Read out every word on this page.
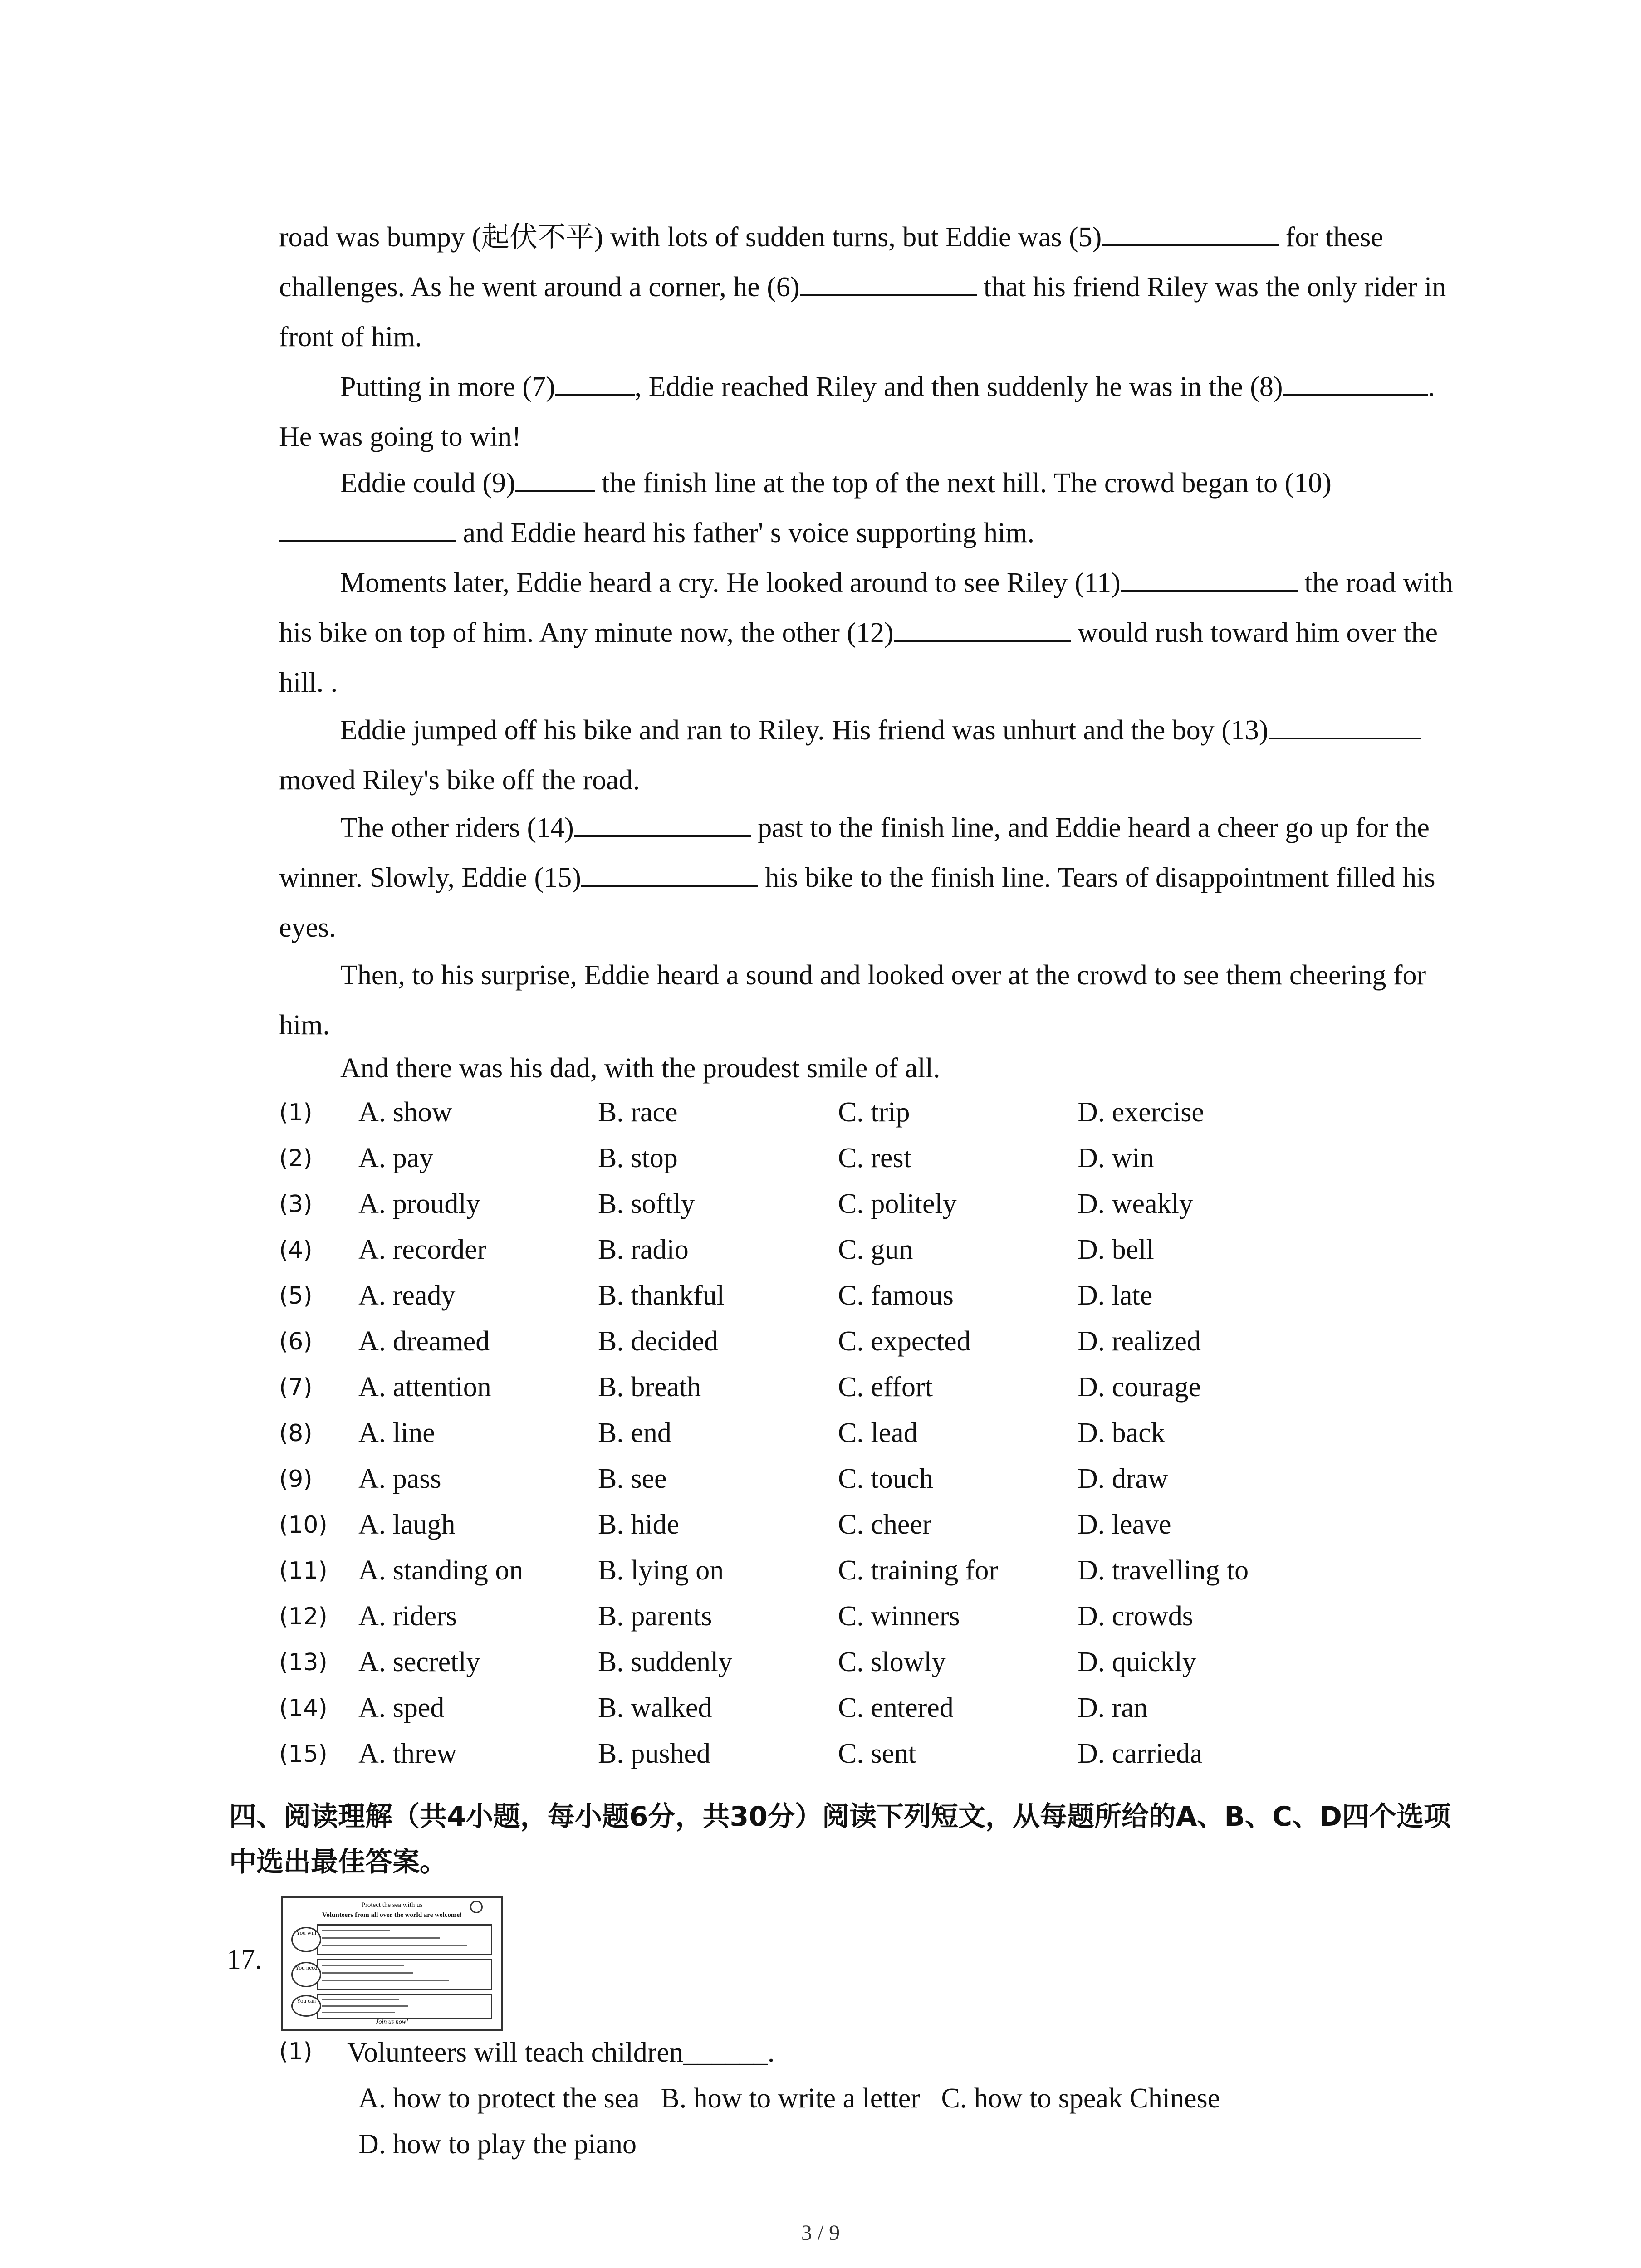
road was bumpy (起伏不平) with lots of sudden turns, but Eddie was (5)	for these challenges. As he went around a corner, he (6)	that his friend Riley was the only rider in front of him.

Putting in more (7)	, Eddie reached Riley and then suddenly he was in the (8)	. He was going to win!

Eddie could (9)	the finish line at the top of the next hill. The crowd began to (10) and Eddie heard his father' s voice supporting him.

Moments later, Eddie heard a cry. He looked around to see Riley (11)	the road with his bike on top of him. Any minute now, the other (12)	would rush toward him over the hill. .

Eddie jumped off his bike and ran to Riley. His friend was unhurt and the boy (13) moved Riley's bike off the road.

The other riders (14)	past to the finish line, and Eddie heard a cheer go up for the winner. Slowly, Eddie (15)	his bike to the finish line. Tears of disappointment filled his eyes.

Then, to his surprise, Eddie heard a sound and looked over at the crowd to see them cheering for him.

And there was his dad, with the proudest smile of all.

(1) A. show	B. race	C. trip	D. exercise
(2) A. pay	B. stop	C. rest	D. win
(3) A. proudly	B. softly	C. politely	D. weakly
(4) A. recorder	B. radio	C. gun	D. bell
(5) A. ready	B. thankful	C. famous	D. late
(6) A. dreamed	B. decided	C. expected	D. realized
(7) A. attention	B. breath	C. effort	D. courage
(8) A. line	B. end	C. lead	D. back
(9) A. pass	B. see	C. touch	D. draw
(10) A. laugh	B. hide	C. cheer	D. leave
(11) A. standing on	B. lying on	C. training for	D. travelling to
(12) A. riders	B. parents	C. winners	D. crowds
(13) A. secretly	B. suddenly	C. slowly	D. quickly
(14) A. sped	B. walked	C. entered	D. ran
(15) A. threw	B. pushed	C. sent	D. carrieda
四、阅读理解（共4小题，每小题6分，共30分）阅读下列短文，从每题所给的A、B、C、D四个选项中选出最佳答案。
17.
Protect the sea with us
Volunteers from all over the world are welcome!
You will
You need
You can
Join us now!
(1) Volunteers will teach children______.
A. how to protect the sea   B. how to write a letter   C. how to speak Chinese
D. how to play the piano
3 / 9
